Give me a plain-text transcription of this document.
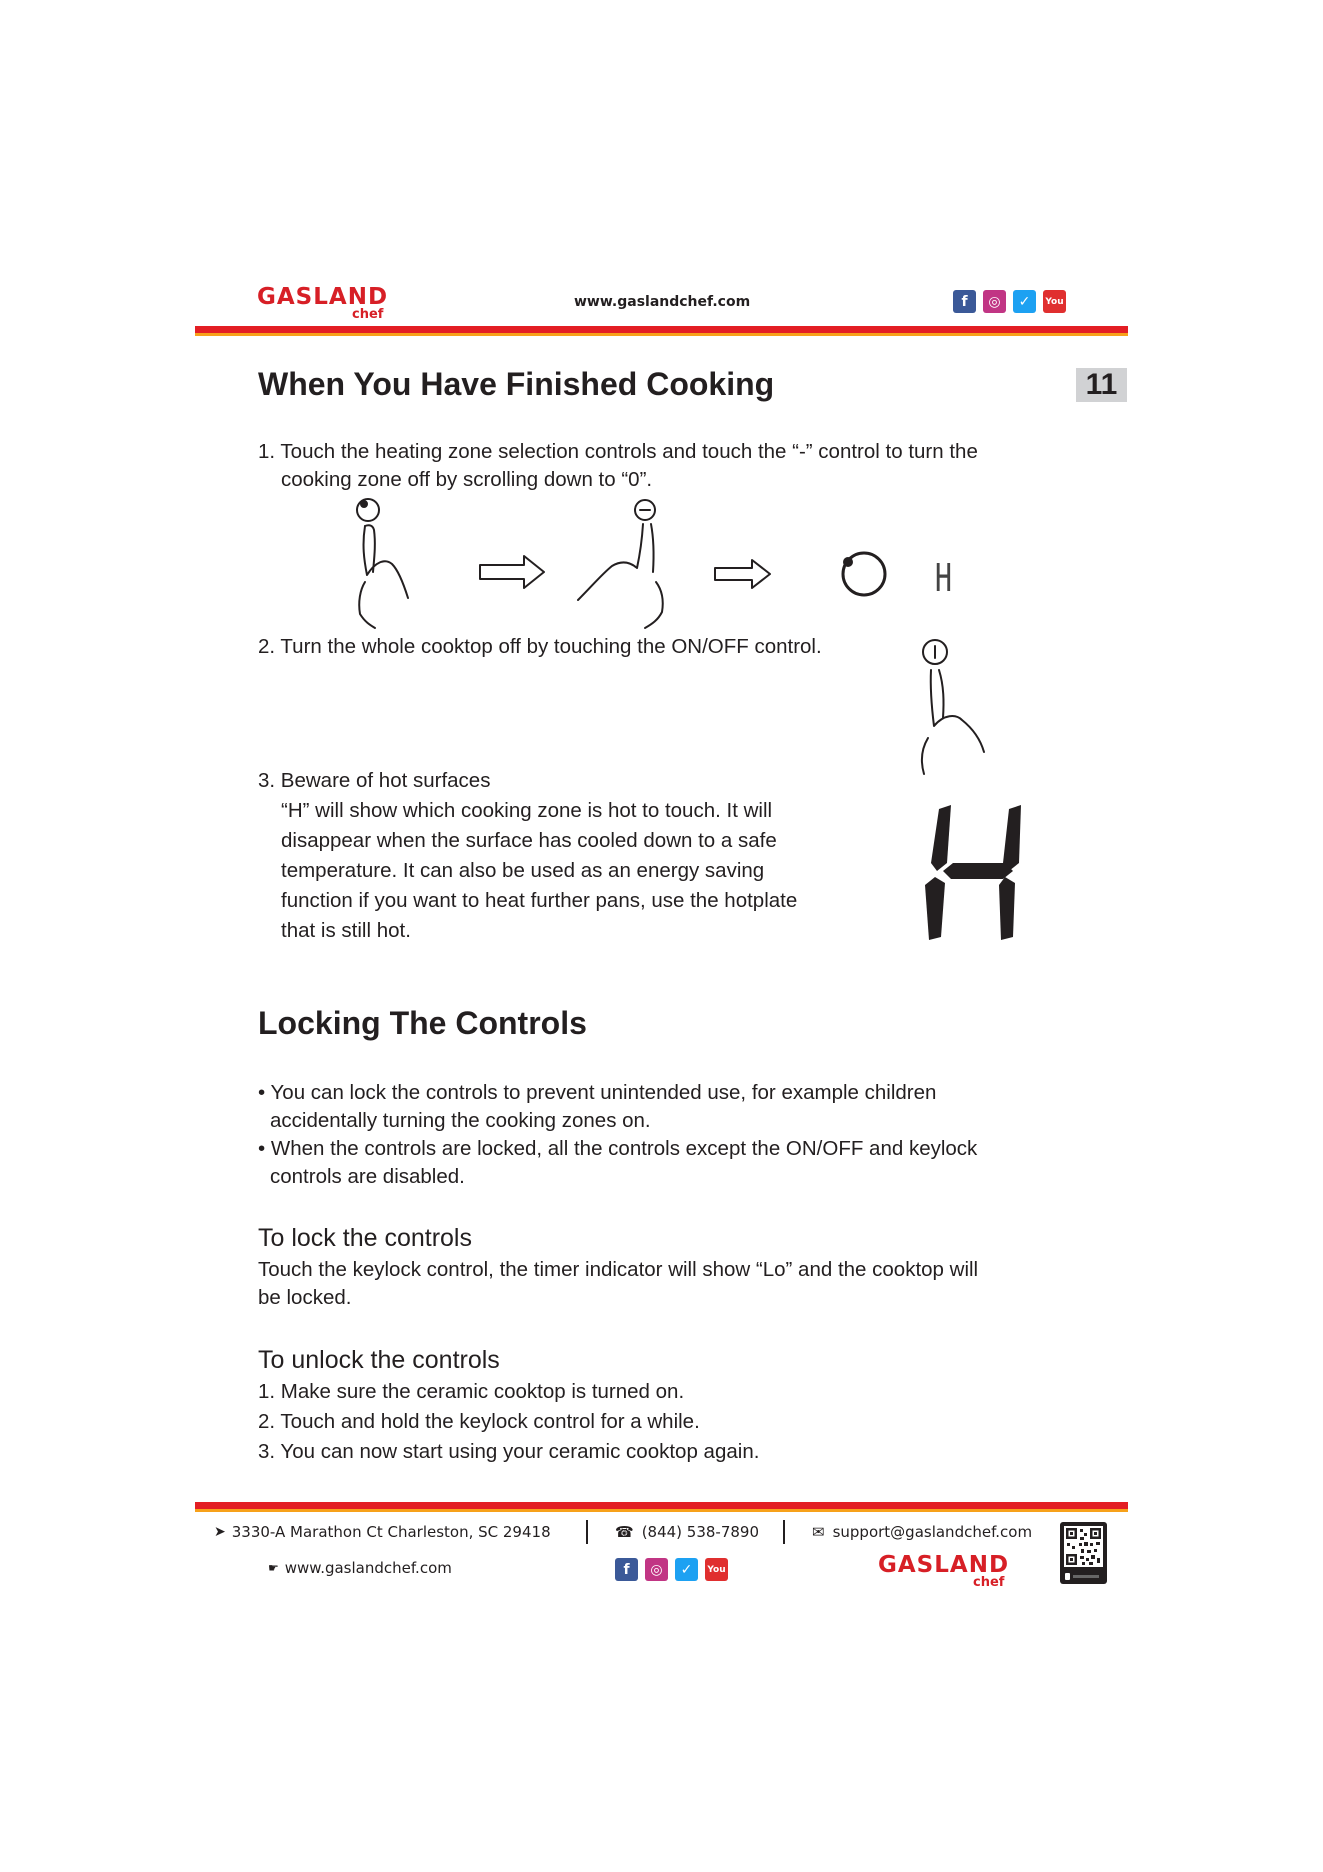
GASLAND
chef
www.gaslandchef.com	f	◎	✓	You
When You Have Finished Cooking	11
1. Touch the heating zone selection controls and touch the “-” control to turn the
cooking zone off by scrolling down to “0”.
H
2. Turn the whole cooktop off by touching the ON/OFF control.
3. Beware of hot surfaces
“H” will show which cooking zone is hot to touch. It will
disappear when the surface has cooled down to a safe
temperature. It can also be used as an energy saving
function if you want to heat further pans, use the hotplate
that is still hot.
Locking The Controls
• You can lock the controls to prevent unintended use, for example children
accidentally turning the cooking zones on.
• When the controls are locked, all the controls except the ON/OFF and keylock
controls are disabled.
To lock the controls
Touch the keylock control, the timer indicator will show “Lo” and the cooktop will
be locked.
To unlock the controls
1. Make sure the ceramic cooktop is turned on.
2. Touch and hold the keylock control for a while.
3. You can now start using your ceramic cooktop again.
➤ 3330-A Marathon Ct Charleston, SC 29418	☎ (844) 538-7890	✉ support@gaslandchef.com
☛ www.gaslandchef.com	f	◎	✓	You	GASLAND
chef
